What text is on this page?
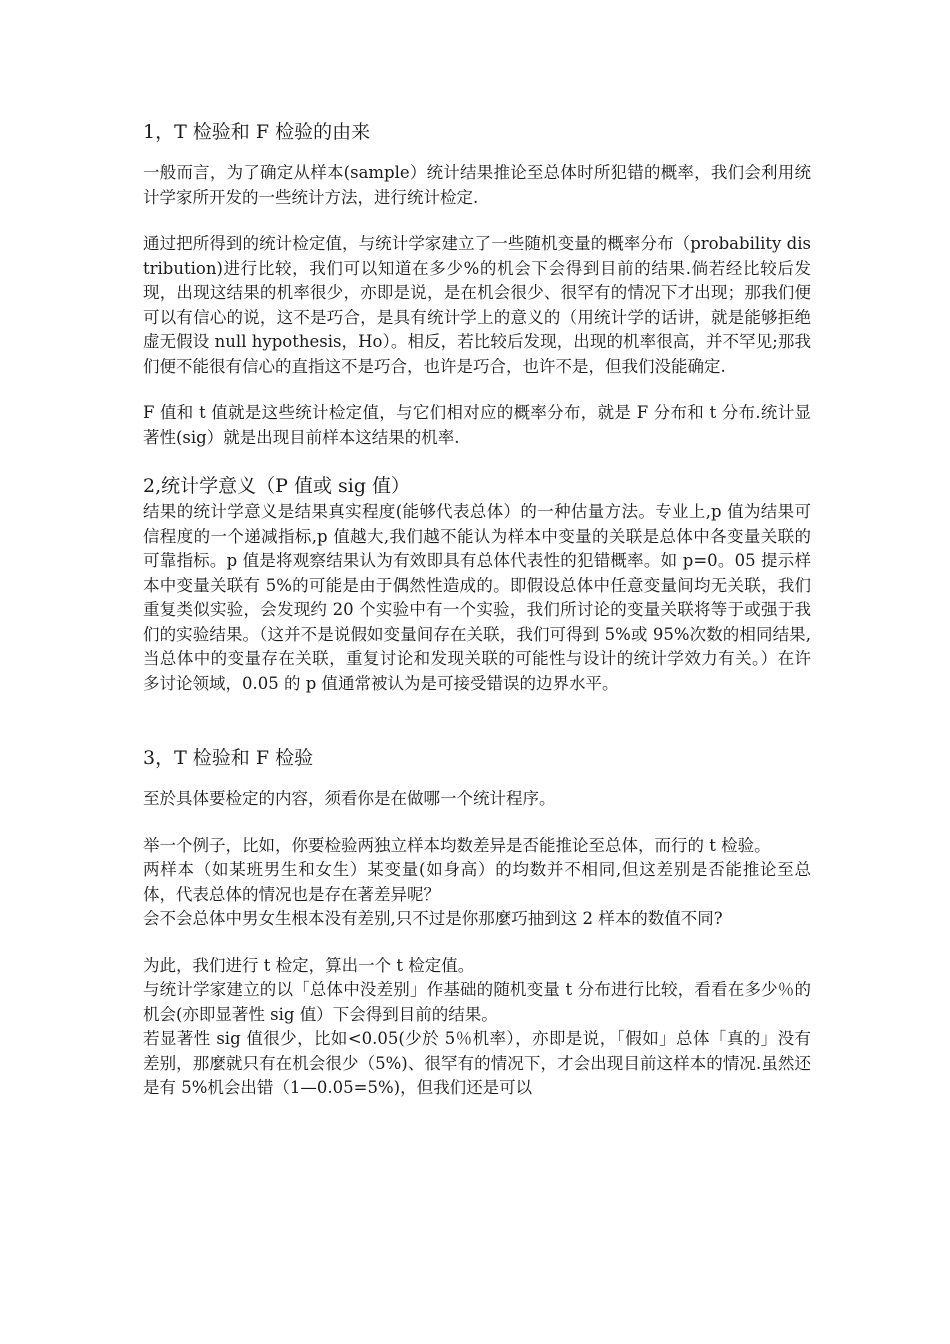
1，T 检验和 F 检验的由来

一般而言，为了确定从样本(sample）统计结果推论至总体时所犯错的概率，我们会利用统计学家所开发的一些统计方法，进行统计检定.

通过把所得到的统计检定值，与统计学家建立了一些随机变量的概率分布（probability distribution)进行比较，我们可以知道在多少%的机会下会得到目前的结果.倘若经比较后发现，出现这结果的机率很少，亦即是说，是在机会很少、很罕有的情况下才出现；那我们便可以有信心的说，这不是巧合，是具有统计学上的意义的（用统计学的话讲，就是能够拒绝虚无假设 null hypothesis，Ho）。相反，若比较后发现，出现的机率很高，并不罕见;那我们便不能很有信心的直指这不是巧合，也许是巧合，也许不是，但我们没能确定.

F 值和 t 值就是这些统计检定值，与它们相对应的概率分布，就是 F 分布和 t 分布.统计显著性(sig）就是出现目前样本这结果的机率.

2,统计学意义（P 值或 sig 值）

结果的统计学意义是结果真实程度(能够代表总体）的一种估量方法。专业上,p 值为结果可信程度的一个递减指标,p 值越大,我们越不能认为样本中变量的关联是总体中各变量关联的可靠指标。p 值是将观察结果认为有效即具有总体代表性的犯错概率。如 p=0。05 提示样本中变量关联有 5%的可能是由于偶然性造成的。即假设总体中任意变量间均无关联，我们重复类似实验，会发现约 20 个实验中有一个实验，我们所讨论的变量关联将等于或强于我们的实验结果。（这并不是说假如变量间存在关联，我们可得到 5%或 95%次数的相同结果,当总体中的变量存在关联，重复讨论和发现关联的可能性与设计的统计学效力有关。）在许多讨论领域，0.05 的 p 值通常被认为是可接受错误的边界水平。

3，T 检验和 F 检验

至於具体要检定的内容，须看你是在做哪一个统计程序。

举一个例子，比如，你要检验两独立样本均数差异是否能推论至总体，而行的 t 检验。
两样本（如某班男生和女生）某变量(如身高）的均数并不相同,但这差别是否能推论至总体，代表总体的情况也是存在著差异呢？
会不会总体中男女生根本没有差别,只不过是你那麼巧抽到这 2 样本的数值不同?

为此，我们进行 t 检定，算出一个 t 检定值。
与统计学家建立的以「总体中没差别」作基础的随机变量 t 分布进行比较，看看在多少％的机会(亦即显著性 sig 值）下会得到目前的结果。
若显著性 sig 值很少，比如<0.05(少於 5％机率），亦即是说，「假如」总体「真的」没有差别，那麼就只有在机会很少（5%)、很罕有的情况下，才会出现目前这样本的情况.虽然还是有 5%机会出错（1—0.05=5%)，但我们还是可以
